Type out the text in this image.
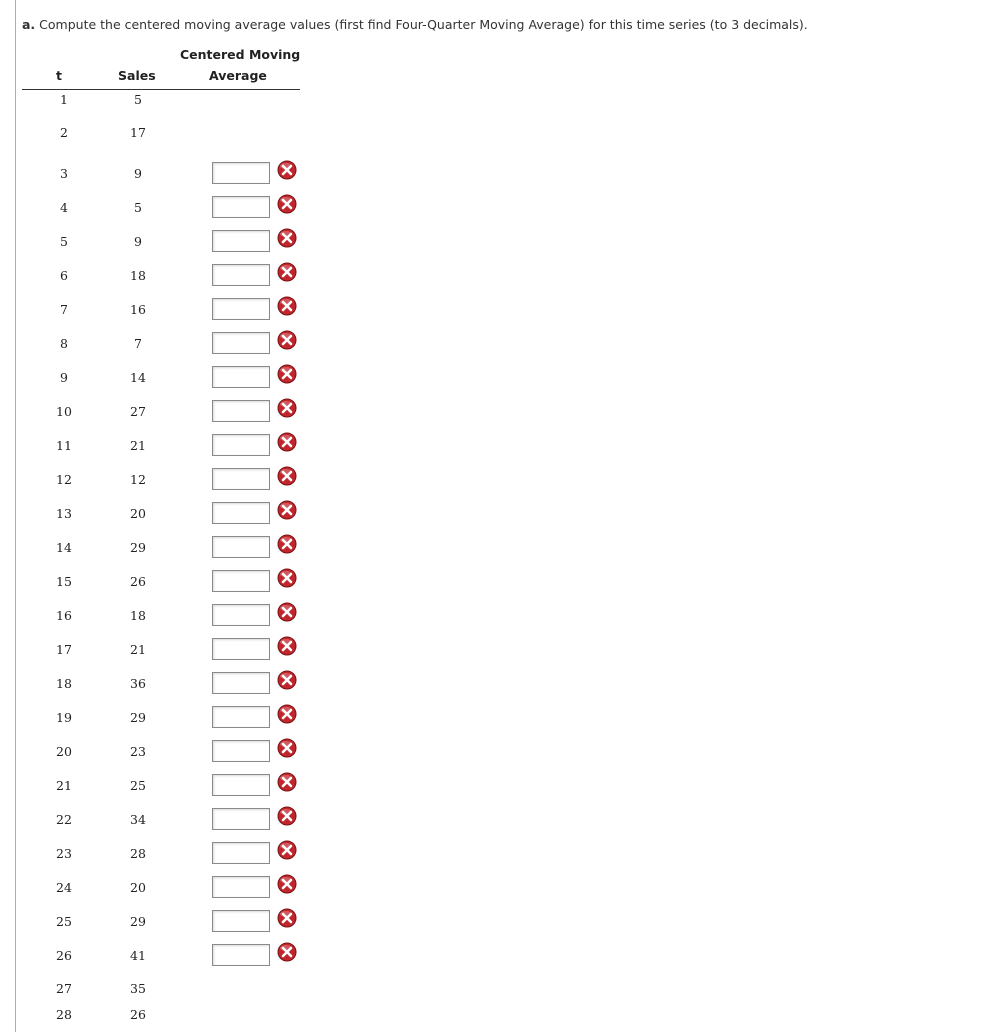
a. Compute the centered moving average values (first find Four-Quarter Moving Average) for this time series (to 3 decimals).
t	Sales
Centered Moving
Average
1	5
2	17
3	9
4	5
5	9
6	18
7	16
8	7
9	14
10	27
11	21
12	12
13	20
14	29
15	26
16	18
17	21
18	36
19	29
20	23
21	25
22	34
23	28
24	20
25	29
26	41
27	35
28	26
